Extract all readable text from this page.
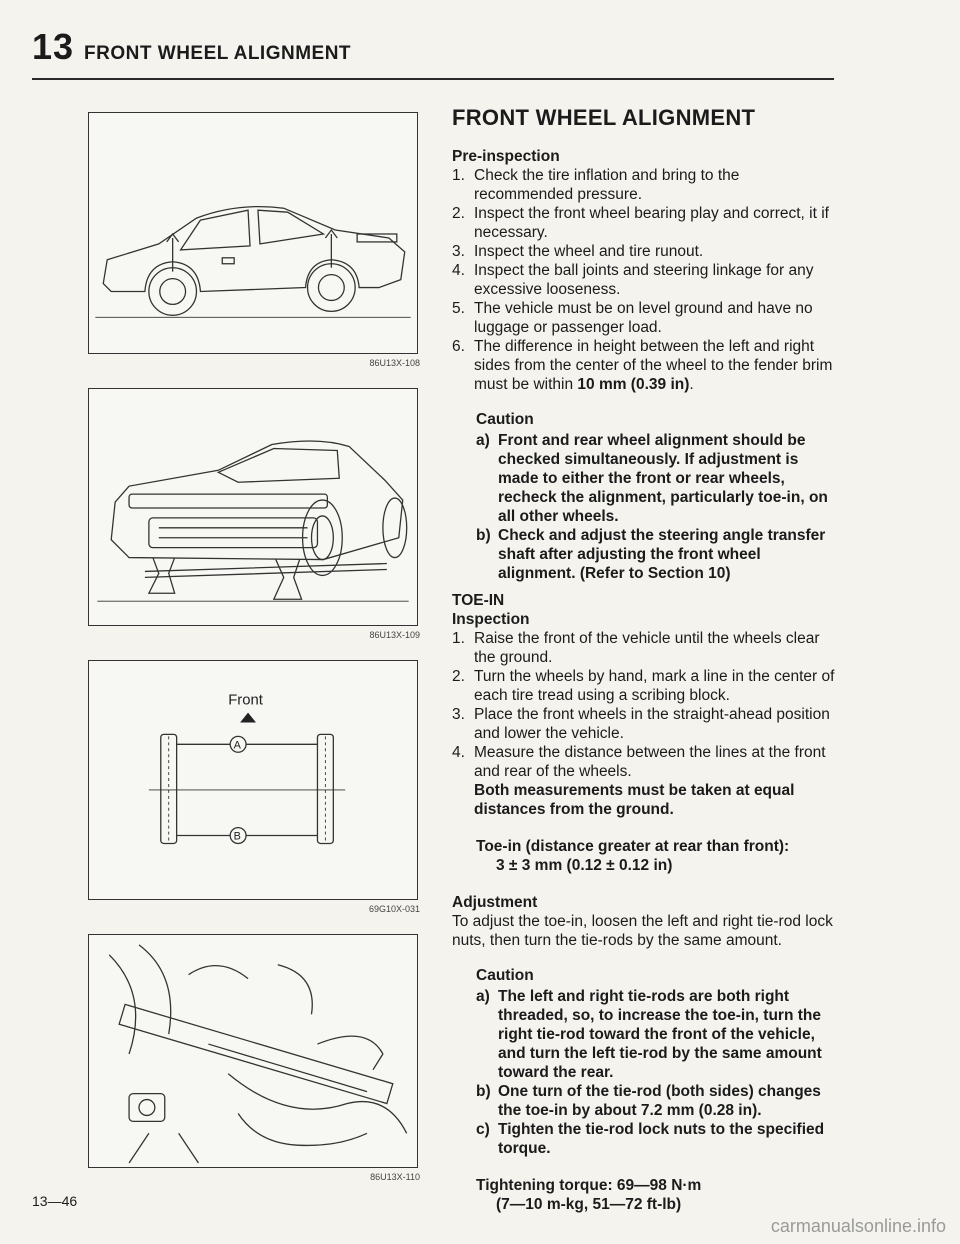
13 FRONT WHEEL ALIGNMENT
86U13X-108
86U13X-109
Front
A
B
69G10X-031
86U13X-110
FRONT WHEEL ALIGNMENT
Pre-inspection
1. Check the tire inflation and bring to the recommended pressure.
2. Inspect the front wheel bearing play and correct, it if necessary.
3. Inspect the wheel and tire runout.
4. Inspect the ball joints and steering linkage for any excessive looseness.
5. The vehicle must be on level ground and have no luggage or passenger load.
6. The difference in height between the left and right sides from the center of the wheel to the fender brim must be within 10 mm (0.39 in).
Caution
a) Front and rear wheel alignment should be checked simultaneously. If adjustment is made to either the front or rear wheels, recheck the alignment, particularly toe-in, on all other wheels.
b) Check and adjust the steering angle transfer shaft after adjusting the front wheel alignment. (Refer to Section 10)
TOE-IN
Inspection
1. Raise the front of the vehicle until the wheels clear the ground.
2. Turn the wheels by hand, mark a line in the center of each tire tread using a scribing block.
3. Place the front wheels in the straight-ahead position and lower the vehicle.
4. Measure the distance between the lines at the front and rear of the wheels.
Both measurements must be taken at equal distances from the ground.
Toe-in (distance greater at rear than front):
3 ± 3 mm (0.12 ± 0.12 in)
Adjustment
To adjust the toe-in, loosen the left and right tie-rod lock nuts, then turn the tie-rods by the same amount.
Caution
a) The left and right tie-rods are both right threaded, so, to increase the toe-in, turn the right tie-rod toward the front of the vehicle, and turn the left tie-rod by the same amount toward the rear.
b) One turn of the tie-rod (both sides) changes the toe-in by about 7.2 mm (0.28 in).
c) Tighten the tie-rod lock nuts to the specified torque.
Tightening torque: 69—98 N·m
(7—10 m-kg, 51—72 ft-lb)
13—46
carmanualsonline.info
